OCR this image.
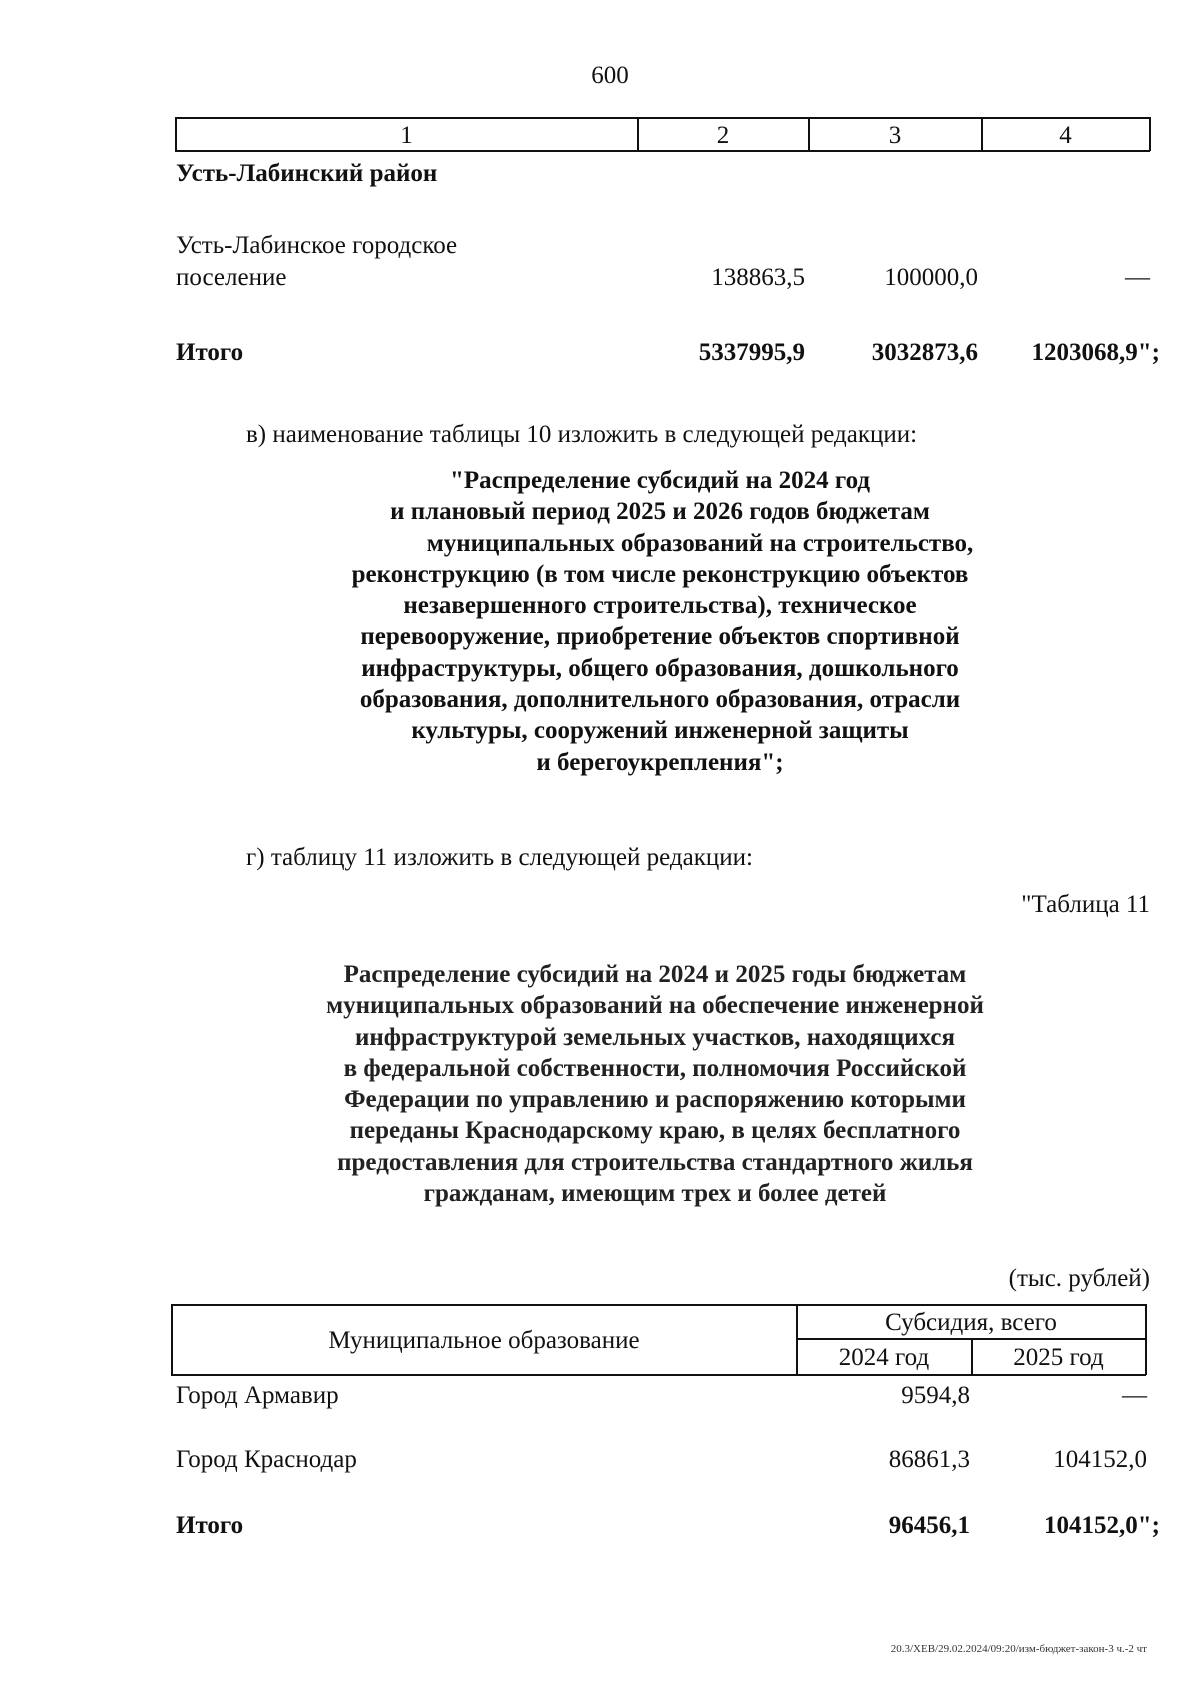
600
1	2	3	4
Усть-Лабинский район
Усть-Лабинское городское
поселение	138863,5	100000,0	—
Итого	5337995,9	3032873,6	1203068,9";
в) наименование таблицы 10 изложить в следующей редакции:
"Распределение субсидий на 2024 год
и плановый период 2025 и 2026 годов бюджетам
муниципальных образований на строительство,
реконструкцию (в том числе реконструкцию объектов
незавершенного строительства), техническое
перевооружение, приобретение объектов спортивной
инфраструктуры, общего образования, дошкольного
образования, дополнительного образования, отрасли
культуры, сооружений инженерной защиты
и берегоукрепления";
г) таблицу 11 изложить в следующей редакции:
"Таблица 11
Распределение субсидий на 2024 и 2025 годы бюджетам
муниципальных образований на обеспечение инженерной
инфраструктурой земельных участков, находящихся
в федеральной собственности, полномочия Российской
Федерации по управлению и распоряжению которыми
переданы Краснодарскому краю, в целях бесплатного
предоставления для строительства стандартного жилья
гражданам, имеющим трех и более детей
(тыс. рублей)
Муниципальное образование
Субсидия, всего
2024 год	2025 год
Город Армавир	9594,8	—
Город Краснодар	86861,3	104152,0
Итого	96456,1	104152,0";
20.3/ХЕВ/29.02.2024/09:20/изм-бюджет-закон-3 ч.-2 чт
